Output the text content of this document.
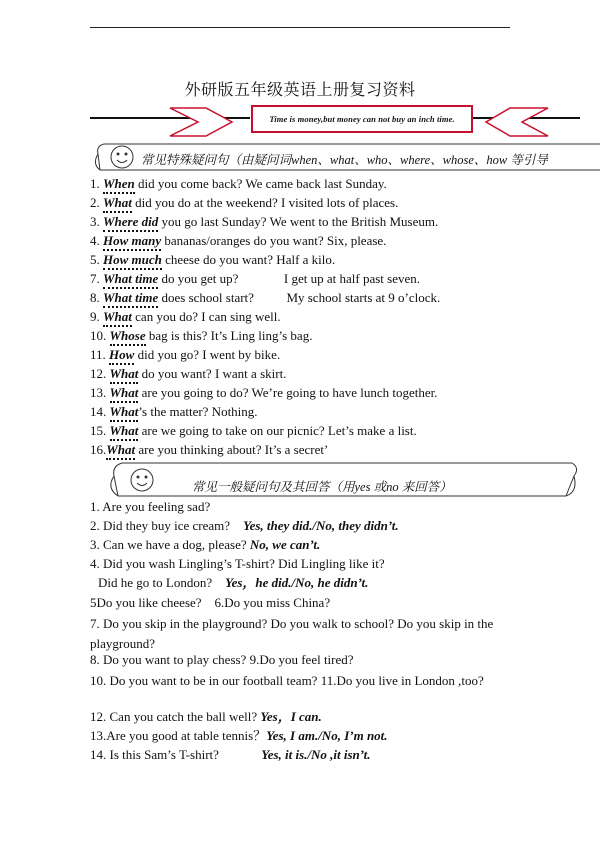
外研版五年级英语上册复习资料
Time is money,but money can not buy an inch time.
常见特殊疑问句（由疑问词when、what、who、where、whose、how 等引导
常见一般疑问句及其回答（用yes 或no 来回答）
1. When did you come back? We came back last Sunday.
2. What did you do at the weekend? I visited lots of places.
3. Where did you go last Sunday? We went to the British Museum.
4. How many bananas/oranges do you want? Six, please.
5. How much cheese do you want? Half a kilo.
7. What time do you get up?              I get up at half past seven.
8. What time does school start?          My school starts at 9 o’clock.
9. What can you do? I can sing well.
10. Whose bag is this? It’s Ling ling’s bag.
11. How did you go? I went by bike.
12. What do you want? I want a skirt.
13. What are you going to do? We’re going to have lunch together.
14. What’s the matter? Nothing.
15. What are we going to take on our picnic? Let’s make a list.
16.What are you thinking about? It’s a secret’
1. Are you feeling sad?
2. Did they buy ice cream?    Yes, they did./No, they didn’t.
3. Can we have a dog, please? No, we can’t.
4. Did you wash Lingling’s T-shirt? Did Lingling like it?
Did he go to London?    Yes，he did./No, he didn’t.
5Do you like cheese?    6.Do you miss China?
7. Do you skip in the playground? Do you walk to school? Do you skip in the playground?
8. Do you want to play chess? 9.Do you feel tired?
10. Do you want to be in our football team? 11.Do you live in London ,too?
12. Can you catch the ball well? Yes，I can.
13.Are you good at table tennis？Yes, I am./No, I’m not.
14. Is this Sam’s T-shirt?             Yes, it is./No ,it isn’t.
